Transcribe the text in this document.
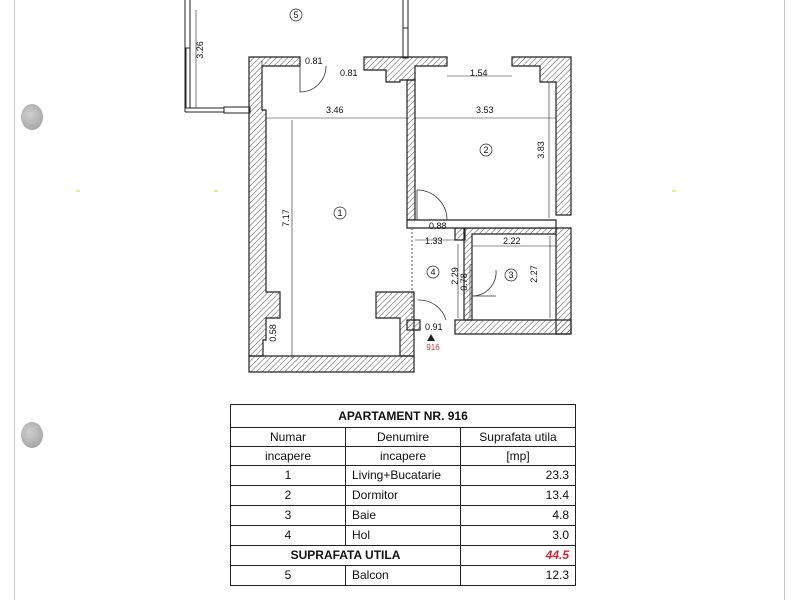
3.26
0.81
0.81	1.54
3.46	3.53
3.83
7.17	0.88
1.33	2.22
2.29 0.78	2.27
0.91
0.58
5
1
2
4	3
916
APARTAMENT NR. 916		
Numar	Denumire	Suprafata utila
incapere	incapere	[mp]
1	Living+Bucatarie	23.3
2	Dormitor	13.4
3	Baie	4.8
4	Hol	3.0
SUPRAFATA UTILA		44.5
5	Balcon	12.3
